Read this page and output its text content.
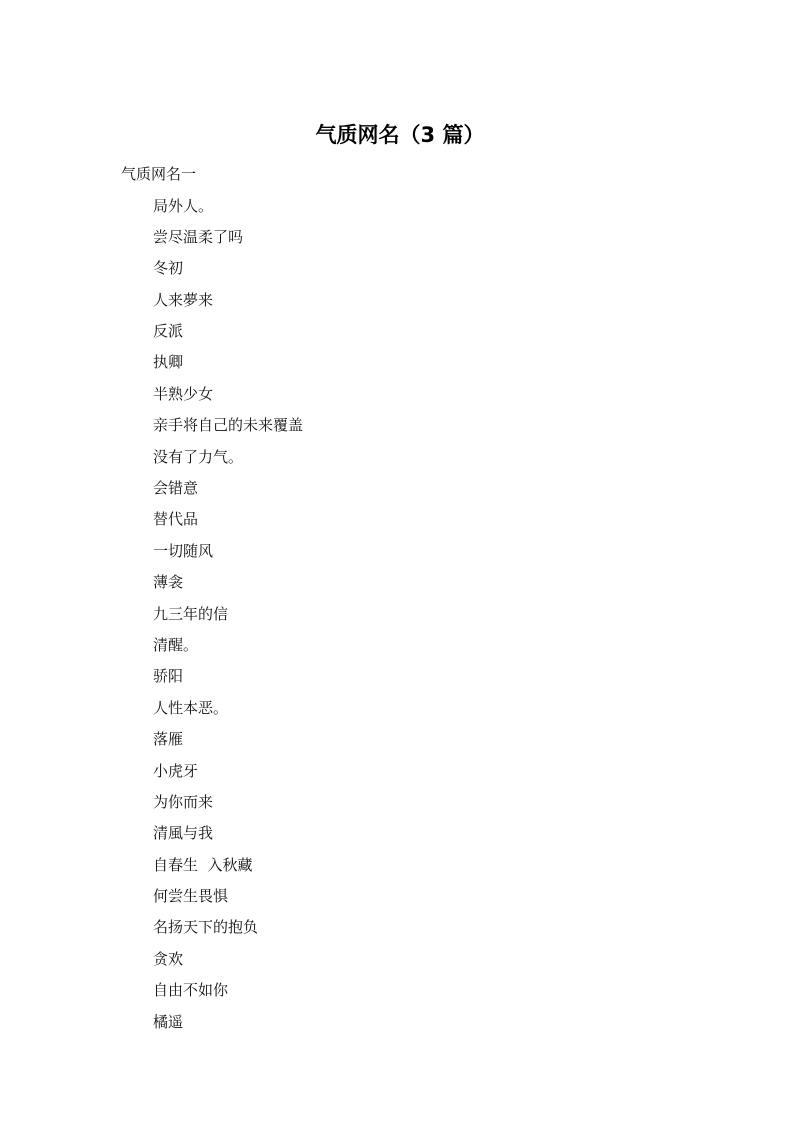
气质网名（3 篇）

气质网名一

局外人。
尝尽温柔了吗
冬初
人来夢来
反派
执卿
半熟少女
亲手将自己的未来覆盖
没有了力气。
会错意
替代品
一切随风
薄衾
九三年的信
清醒。
骄阳
人性本恶。
落雁
小虎牙
为你而来
清風与我
自春生  入秋藏
何尝生畏惧
名扬天下的抱负
贪欢
自由不如你
橘遥
